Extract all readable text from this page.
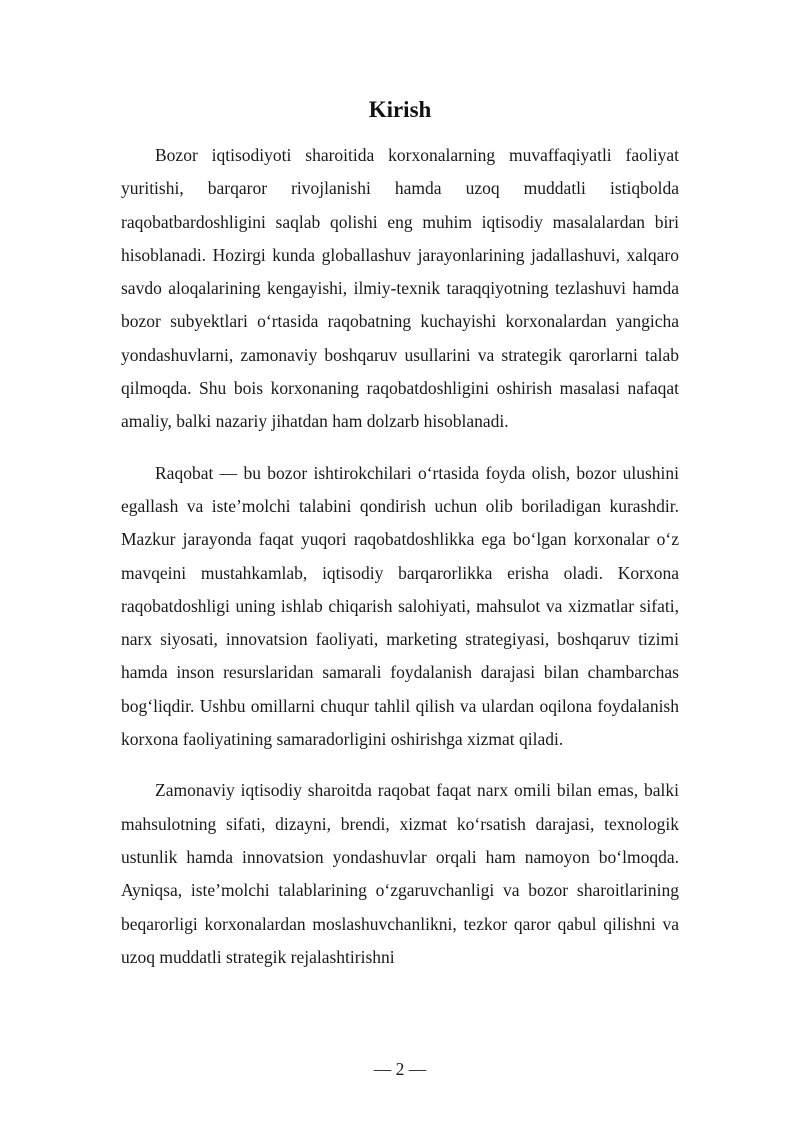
Kirish

Bozor iqtisodiyoti sharoitida korxonalarning muvaffaqiyatli faoliyat yuritishi, barqaror rivojlanishi hamda uzoq muddatli istiqbolda raqobatbardoshligini saqlab qolishi eng muhim iqtisodiy masalalardan biri hisoblanadi. Hozirgi kunda globallashuv jarayonlarining jadallashuvi, xalqaro savdo aloqalarining kengayishi, ilmiy-texnik taraqqiyotning tezlashuvi hamda bozor subyektlari o‘rtasida raqobatning kuchayishi korxonalardan yangicha yondashuvlarni, zamonaviy boshqaruv usullarini va strategik qarorlarni talab qilmoqda. Shu bois korxonaning raqobatdoshligini oshirish masalasi nafaqat amaliy, balki nazariy jihatdan ham dolzarb hisoblanadi.

Raqobat — bu bozor ishtirokchilari o‘rtasida foyda olish, bozor ulushini egallash va iste’molchi talabini qondirish uchun olib boriladigan kurashdir. Mazkur jarayonda faqat yuqori raqobatdoshlikka ega bo‘lgan korxonalar o‘z mavqeini mustahkamlab, iqtisodiy barqarorlikka erisha oladi. Korxona raqobatdoshligi uning ishlab chiqarish salohiyati, mahsulot va xizmatlar sifati, narx siyosati, innovatsion faoliyati, marketing strategiyasi, boshqaruv tizimi hamda inson resurslaridan samarali foydalanish darajasi bilan chambarchas bog‘liqdir. Ushbu omillarni chuqur tahlil qilish va ulardan oqilona foydalanish korxona faoliyatining samaradorligini oshirishga xizmat qiladi.

Zamonaviy iqtisodiy sharoitda raqobat faqat narx omili bilan emas, balki mahsulotning sifati, dizayni, brendi, xizmat ko‘rsatish darajasi, texnologik ustunlik hamda innovatsion yondashuvlar orqali ham namoyon bo‘lmoqda. Ayniqsa, iste’molchi talablarining o‘zgaruvchanligi va bozor sharoitlarining beqarorligi korxonalardan moslashuvchanlikni, tezkor qaror qabul qilishni va uzoq muddatli strategik rejalashtirishni

— 2 —
